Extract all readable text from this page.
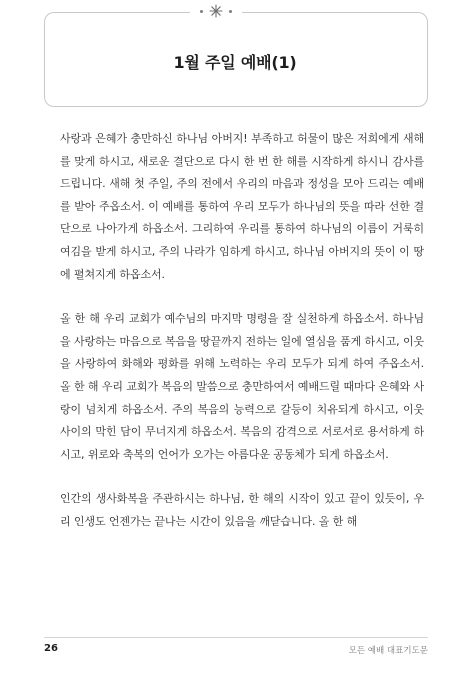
1월 주일 예배(1)

사랑과 은혜가 충만하신 하나님 아버지! 부족하고 허물이 많은 저희에게 새해를 맞게 하시고, 새로운 결단으로 다시 한 번 한 해를 시작하게 하시니 감사를 드립니다. 새해 첫 주일, 주의 전에서 우리의 마음과 정성을 모아 드리는 예배를 받아 주옵소서. 이 예배를 통하여 우리 모두가 하나님의 뜻을 따라 선한 결단으로 나아가게 하옵소서. 그리하여 우리를 통하여 하나님의 이름이 거룩히 여김을 받게 하시고, 주의 나라가 임하게 하시고, 하나님 아버지의 뜻이 이 땅에 펼쳐지게 하옵소서.

올 한 해 우리 교회가 예수님의 마지막 명령을 잘 실천하게 하옵소서. 하나님을 사랑하는 마음으로 복음을 땅끝까지 전하는 일에 열심을 품게 하시고, 이웃을 사랑하여 화해와 평화를 위해 노력하는 우리 모두가 되게 하여 주옵소서. 올 한 해 우리 교회가 복음의 말씀으로 충만하여서 예배드릴 때마다 은혜와 사랑이 넘치게 하옵소서. 주의 복음의 능력으로 갈등이 치유되게 하시고, 이웃 사이의 막힌 담이 무너지게 하옵소서. 복음의 감격으로 서로서로 용서하게 하시고, 위로와 축복의 언어가 오가는 아름다운 공동체가 되게 하옵소서.

인간의 생사화복을 주관하시는 하나님, 한 해의 시작이 있고 끝이 있듯이, 우리 인생도 언젠가는 끝나는 시간이 있음을 깨닫습니다. 올 한 해

26	모든 예배 대표기도문
